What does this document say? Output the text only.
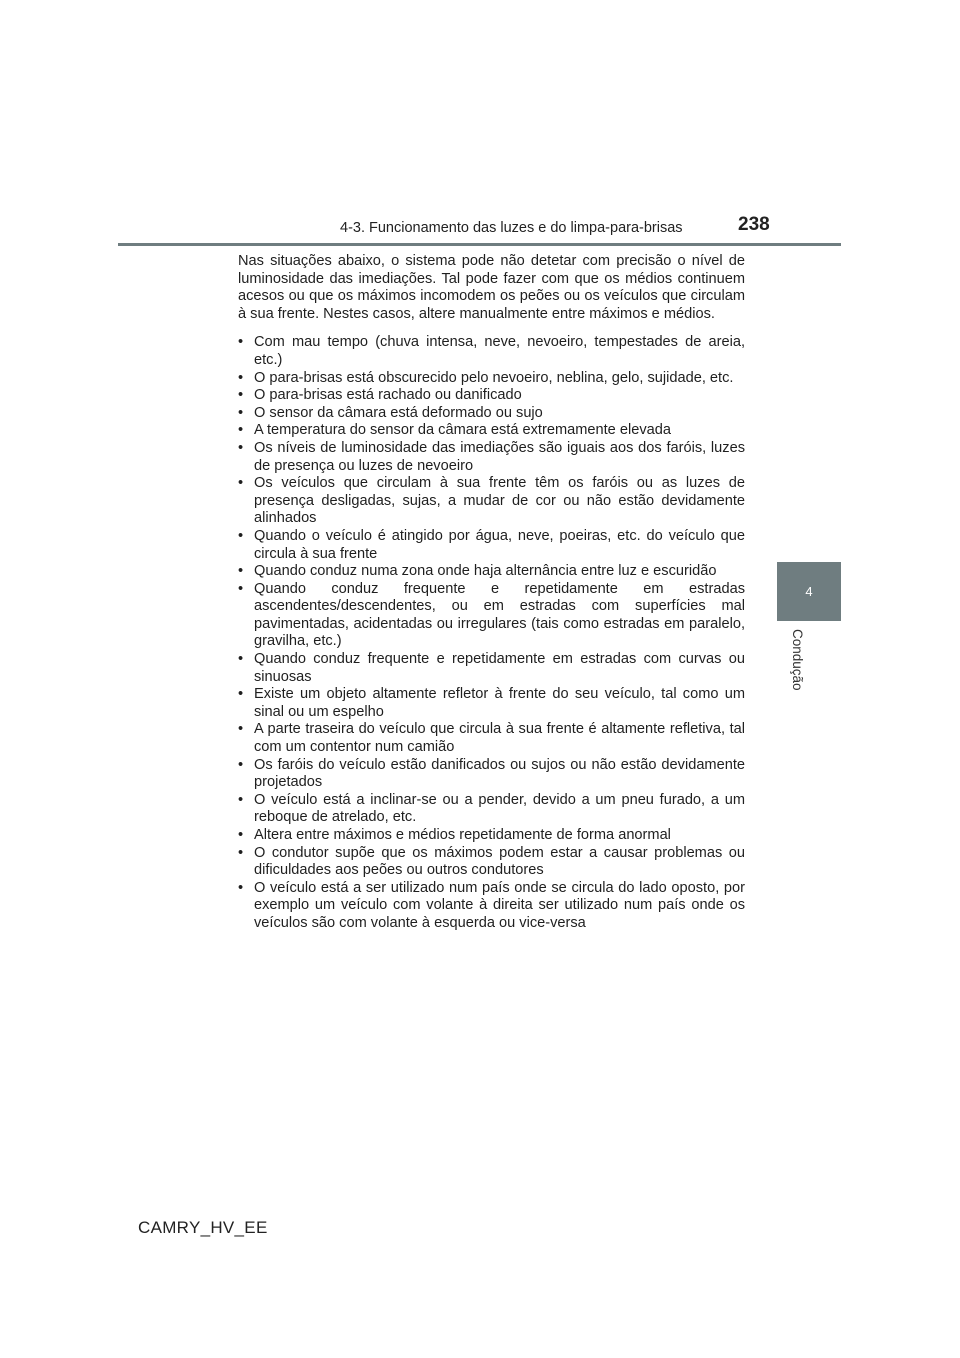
4-3. Funcionamento das luzes e do limpa-para-brisas	238
4
Condução

Nas situações abaixo, o sistema pode não detetar com precisão o nível de luminosidade das imediações. Tal pode fazer com que os médios continuem acesos ou que os máximos incomodem os peões ou os veículos que circulam à sua frente. Nestes casos, altere manualmente entre máximos e médios.

• Com mau tempo (chuva intensa, neve, nevoeiro, tempestades de areia, etc.)
• O para-brisas está obscurecido pelo nevoeiro, neblina, gelo, sujidade, etc.
• O para-brisas está rachado ou danificado
• O sensor da câmara está deformado ou sujo
• A temperatura do sensor da câmara está extremamente elevada
• Os níveis de luminosidade das imediações são iguais aos dos faróis, luzes de presença ou luzes de nevoeiro
• Os veículos que circulam à sua frente têm os faróis ou as luzes de presença desligadas, sujas, a mudar de cor ou não estão devidamente alinhados
• Quando o veículo é atingido por água, neve, poeiras, etc. do veículo que circula à sua frente
• Quando conduz numa zona onde haja alternância entre luz e escuridão
• Quando conduz frequente e repetidamente em estradas ascendentes/descendentes, ou em estradas com superfícies mal pavimentadas, acidentadas ou irregulares (tais como estradas em paralelo, gravilha, etc.)
• Quando conduz frequente e repetidamente em estradas com curvas ou sinuosas
• Existe um objeto altamente refletor à frente do seu veículo, tal como um sinal ou um espelho
• A parte traseira do veículo que circula à sua frente é altamente refletiva, tal com um contentor num camião
• Os faróis do veículo estão danificados ou sujos ou não estão devidamente projetados
• O veículo está a inclinar-se ou a pender, devido a um pneu furado, a um reboque de atrelado, etc.
• Altera entre máximos e médios repetidamente de forma anormal
• O condutor supõe que os máximos podem estar a causar problemas ou dificuldades aos peões ou outros condutores
• O veículo está a ser utilizado num país onde se circula do lado oposto, por exemplo um veículo com volante à direita ser utilizado num país onde os veículos são com volante à esquerda ou vice-versa
CAMRY_HV_EE
